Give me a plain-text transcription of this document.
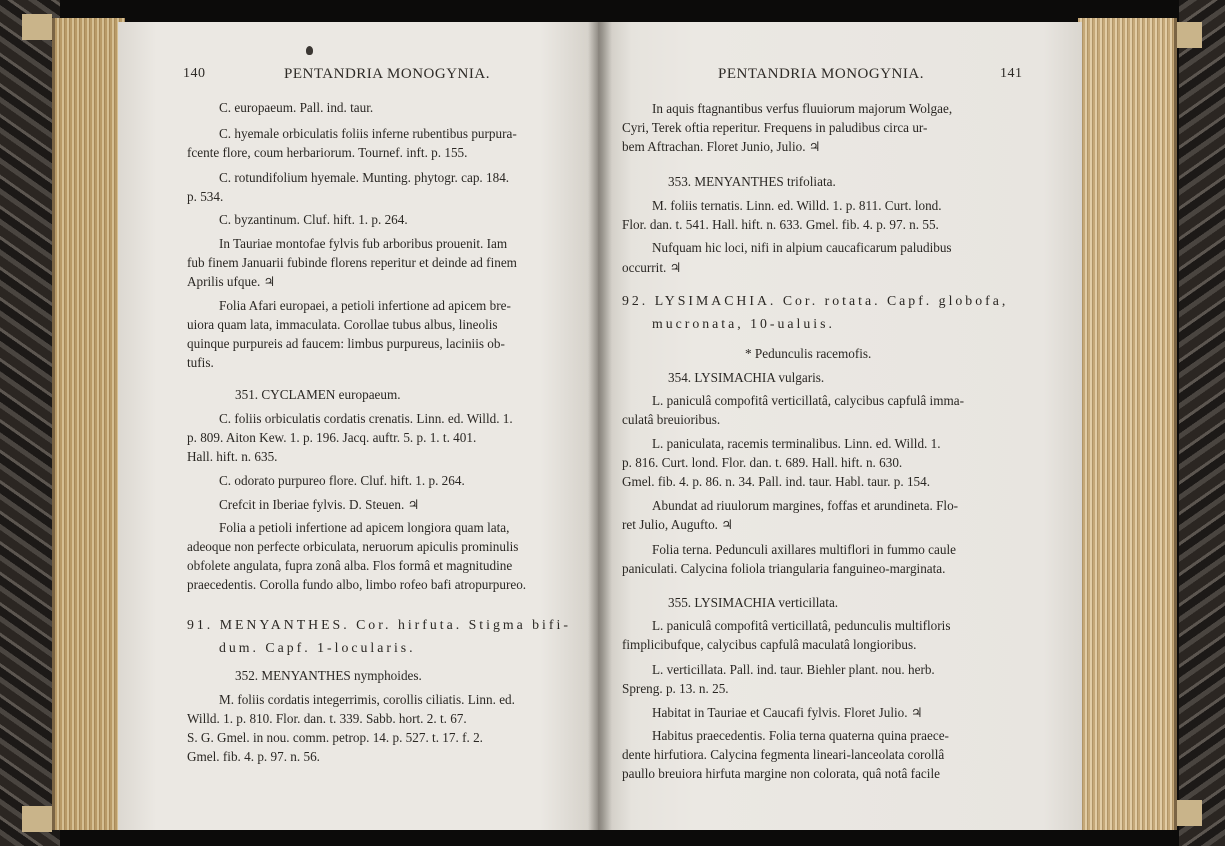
140	PENTANDRIA MONOGYNIA.
C. europaeum. Pall. ind. taur.
C. hyemale orbiculatis foliis inferne rubentibus purpura-
fcente flore, coum herbariorum. Tournef. inft. p. 155.
C. rotundifolium hyemale. Munting. phytogr. cap. 184.
p. 534.
C. byzantinum. Cluf. hift. 1. p. 264.
In Tauriae montofae fylvis fub arboribus prouenit. Iam
fub finem Januarii fubinde florens reperitur et deinde ad finem
Aprilis ufque. ♃
Folia Afari europaei, a petioli infertione ad apicem bre-
uiora quam lata, immaculata. Corollae tubus albus, lineolis
quinque purpureis ad faucem: limbus purpureus, laciniis ob-
tufis.
351. CYCLAMEN europaeum.
C. foliis orbiculatis cordatis crenatis. Linn. ed. Willd. 1.
p. 809. Aiton Kew. 1. p. 196. Jacq. auftr. 5. p. 1. t. 401.
Hall. hift. n. 635.
C. odorato purpureo flore. Cluf. hift. 1. p. 264.
Crefcit in Iberiae fylvis. D. Steuen. ♃
Folia a petioli infertione ad apicem longiora quam lata,
adeoque non perfecte orbiculata, neruorum apiculis prominulis
obfolete angulata, fupra zonâ alba. Flos formâ et magnitudine
praecedentis. Corolla fundo albo, limbo rofeo bafi atropurpureo.
91. MENYANTHES. Cor. hirfuta. Stigma bifi-
dum. Capf. 1-locularis.
352. MENYANTHES nymphoides.
M. foliis cordatis integerrimis, corollis ciliatis. Linn. ed.
Willd. 1. p. 810. Flor. dan. t. 339. Sabb. hort. 2. t. 67.
S. G. Gmel. in nou. comm. petrop. 14. p. 527. t. 17. f. 2.
Gmel. fib. 4. p. 97. n. 56.
PENTANDRIA MONOGYNIA.	141
In aquis ftagnantibus verfus fluuiorum majorum Wolgae,
Cyri, Terek oftia reperitur. Frequens in paludibus circa ur-
bem Aftrachan. Floret Junio, Julio. ♃
353. MENYANTHES trifoliata.
M. foliis ternatis. Linn. ed. Willd. 1. p. 811. Curt. lond.
Flor. dan. t. 541. Hall. hift. n. 633. Gmel. fib. 4. p. 97. n. 55.
Nufquam hic loci, nifi in alpium caucaficarum paludibus
occurrit. ♃
92. LYSIMACHIA. Cor. rotata. Capf. globofa,
mucronata, 10-ualuis.
* Pedunculis racemofis.
354. LYSIMACHIA vulgaris.
L. paniculâ compofitâ verticillatâ, calycibus capfulâ imma-
culatâ breuioribus.
L. paniculata, racemis terminalibus. Linn. ed. Willd. 1.
p. 816. Curt. lond. Flor. dan. t. 689. Hall. hift. n. 630.
Gmel. fib. 4. p. 86. n. 34. Pall. ind. taur. Habl. taur. p. 154.
Abundat ad riuulorum margines, foffas et arundineta. Flo-
ret Julio, Augufto. ♃
Folia terna. Pedunculi axillares multiflori in fummo caule
paniculati. Calycina foliola triangularia fanguineo-marginata.
355. LYSIMACHIA verticillata.
L. paniculâ compofitâ verticillatâ, pedunculis multifloris
fimplicibufque, calycibus capfulâ maculatâ longioribus.
L. verticillata. Pall. ind. taur. Biehler plant. nou. herb.
Spreng. p. 13. n. 25.
Habitat in Tauriae et Caucafi fylvis. Floret Julio. ♃
Habitus praecedentis. Folia terna quaterna quina praece-
dente hirfutiora. Calycina fegmenta lineari-lanceolata corollâ
paullo breuiora hirfuta margine non colorata, quâ notâ facile
